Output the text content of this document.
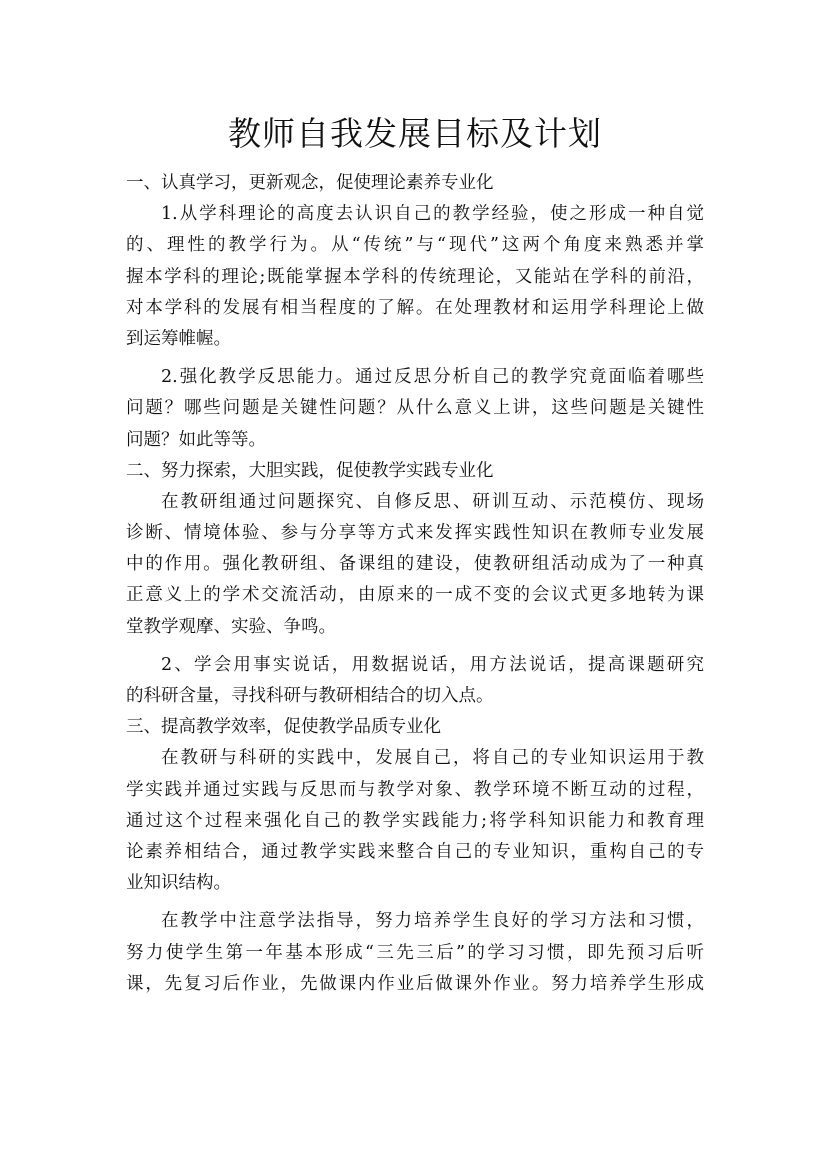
教师自我发展目标及计划
一、认真学习，更新观念，促使理论素养专业化
1.从学科理论的高度去认识自己的教学经验，使之形成一种自觉
的、理性的教学行为。从“传统”与“现代”这两个角度来熟悉并掌
握本学科的理论;既能掌握本学科的传统理论，又能站在学科的前沿，
对本学科的发展有相当程度的了解。在处理教材和运用学科理论上做
到运筹帷幄。
2.强化教学反思能力。通过反思分析自己的教学究竟面临着哪些
问题？哪些问题是关键性问题？从什么意义上讲，这些问题是关键性
问题？如此等等。
二、努力探索，大胆实践，促使教学实践专业化
在教研组通过问题探究、自修反思、研训互动、示范模仿、现场
诊断、情境体验、参与分享等方式来发挥实践性知识在教师专业发展
中的作用。强化教研组、备课组的建设，使教研组活动成为了一种真
正意义上的学术交流活动，由原来的一成不变的会议式更多地转为课
堂教学观摩、实验、争鸣。
2、学会用事实说话，用数据说话，用方法说话，提高课题研究
的科研含量，寻找科研与教研相结合的切入点。
三、提高教学效率，促使教学品质专业化
在教研与科研的实践中，发展自己，将自己的专业知识运用于教
学实践并通过实践与反思而与教学对象、教学环境不断互动的过程，
通过这个过程来强化自己的教学实践能力;将学科知识能力和教育理
论素养相结合，通过教学实践来整合自己的专业知识，重构自己的专
业知识结构。
在教学中注意学法指导，努力培养学生良好的学习方法和习惯，
努力使学生第一年基本形成“三先三后”的学习习惯，即先预习后听
课，先复习后作业，先做课内作业后做课外作业。努力培养学生形成
